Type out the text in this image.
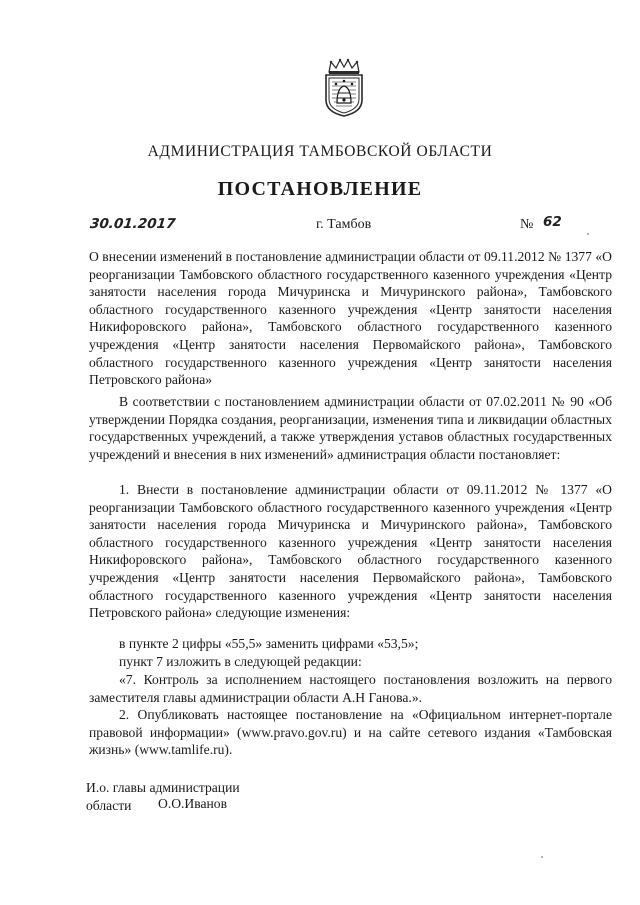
АДМИНИСТРАЦИЯ ТАМБОВСКОЙ ОБЛАСТИ
ПОСТАНОВЛЕНИЕ
30.01.2017	г. Тамбов	№ 62

О внесении изменений в постановление администрации области от 09.11.2012 № 1377 «О реорганизации Тамбовского областного государственного казенного учреждения «Центр занятости населения города Мичуринска и Мичуринского района», Тамбовского областного государственного казенного учреждения «Центр занятости населения Никифоровского района», Тамбовского областного государственного казенного учреждения «Центр занятости населения Первомайского района», Тамбовского областного государственного казенного учреждения «Центр занятости населения Петровского района»

В соответствии с постановлением администрации области от 07.02.2011 № 90 «Об утверждении Порядка создания, реорганизации, изменения типа и ликвидации областных государственных учреждений, а также утверждения уставов областных государственных учреждений и внесения в них изменений» администрация области постановляет:

1. Внести в постановление администрации области от 09.11.2012 № 1377 «О реорганизации Тамбовского областного государственного казенного учреждения «Центр занятости населения города Мичуринска и Мичуринского района», Тамбовского областного государственного казенного учреждения «Центр занятости населения Никифоровского района», Тамбовского областного государственного казенного учреждения «Центр занятости населения Первомайского района», Тамбовского областного государственного казенного учреждения «Центр занятости населения Петровского района» следующие изменения:

в пункте 2 цифры «55,5» заменить цифрами «53,5»;

пункт 7 изложить в следующей редакции:

«7. Контроль за исполнением настоящего постановления возложить на первого заместителя главы администрации области А.Н Ганова.».

2. Опубликовать настоящее постановление на «Официальном интернет-портале правовой информации» (www.pravo.gov.ru) и на сайте сетевого издания «Тамбовская жизнь» (www.tamlife.ru).

И.о. главы администрации
области	О.О.Иванов
